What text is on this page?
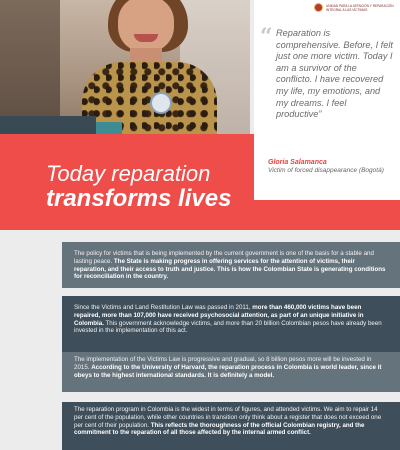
Today reparation
transforms lives
UNIDAD PARA LA ATENCIÓN Y REPARACIÓN INTEGRAL A LAS VÍCTIMAS
“ Reparation is comprehensive. Before, I felt just one more victim. Today I am a survivor of the conflicto. I have recovered my life, my emotions, and my dreams. I feel productive”
Gloria Salamanca
Victim of forced disappearance (Bogotá)
The policy for victims that is being implemented by the current government is one of the basis for a stable and lasting peace. The State is making progress in offering services for the attention of victims, their reparation, and their access to truth and justice. This is how the Colombian State is generating conditions for reconciliation in the country.
Since the Victims and Land Restitution Law was passed in 2011, more than 460,000 victims have been repaired, more than 107,000 have received psychosocial attention, as part of an unique initiative in Colombia. This government acknowledge victims, and more than 20 billion Colombian pesos have already been invested in the implementation of this act.
The implementation of the Victims Law is progressive and gradual, so 8 billion pesos more will be invested in 2015. According to the University of Harvard, the reparation process in Colombia is world leader, since it obeys to the highest international standards. It is definitely a model.
The reparation program in Colombia is the widest in terms of figures, and attended victims. We aim to repair 14 per cent of the population, while other countries in transition only think about a register that does not exceed one per cent of their population. This reflects the thoroughness of the official Colombian registry, and the commitment to the reparation of all those affected by the internal armed conflict.
